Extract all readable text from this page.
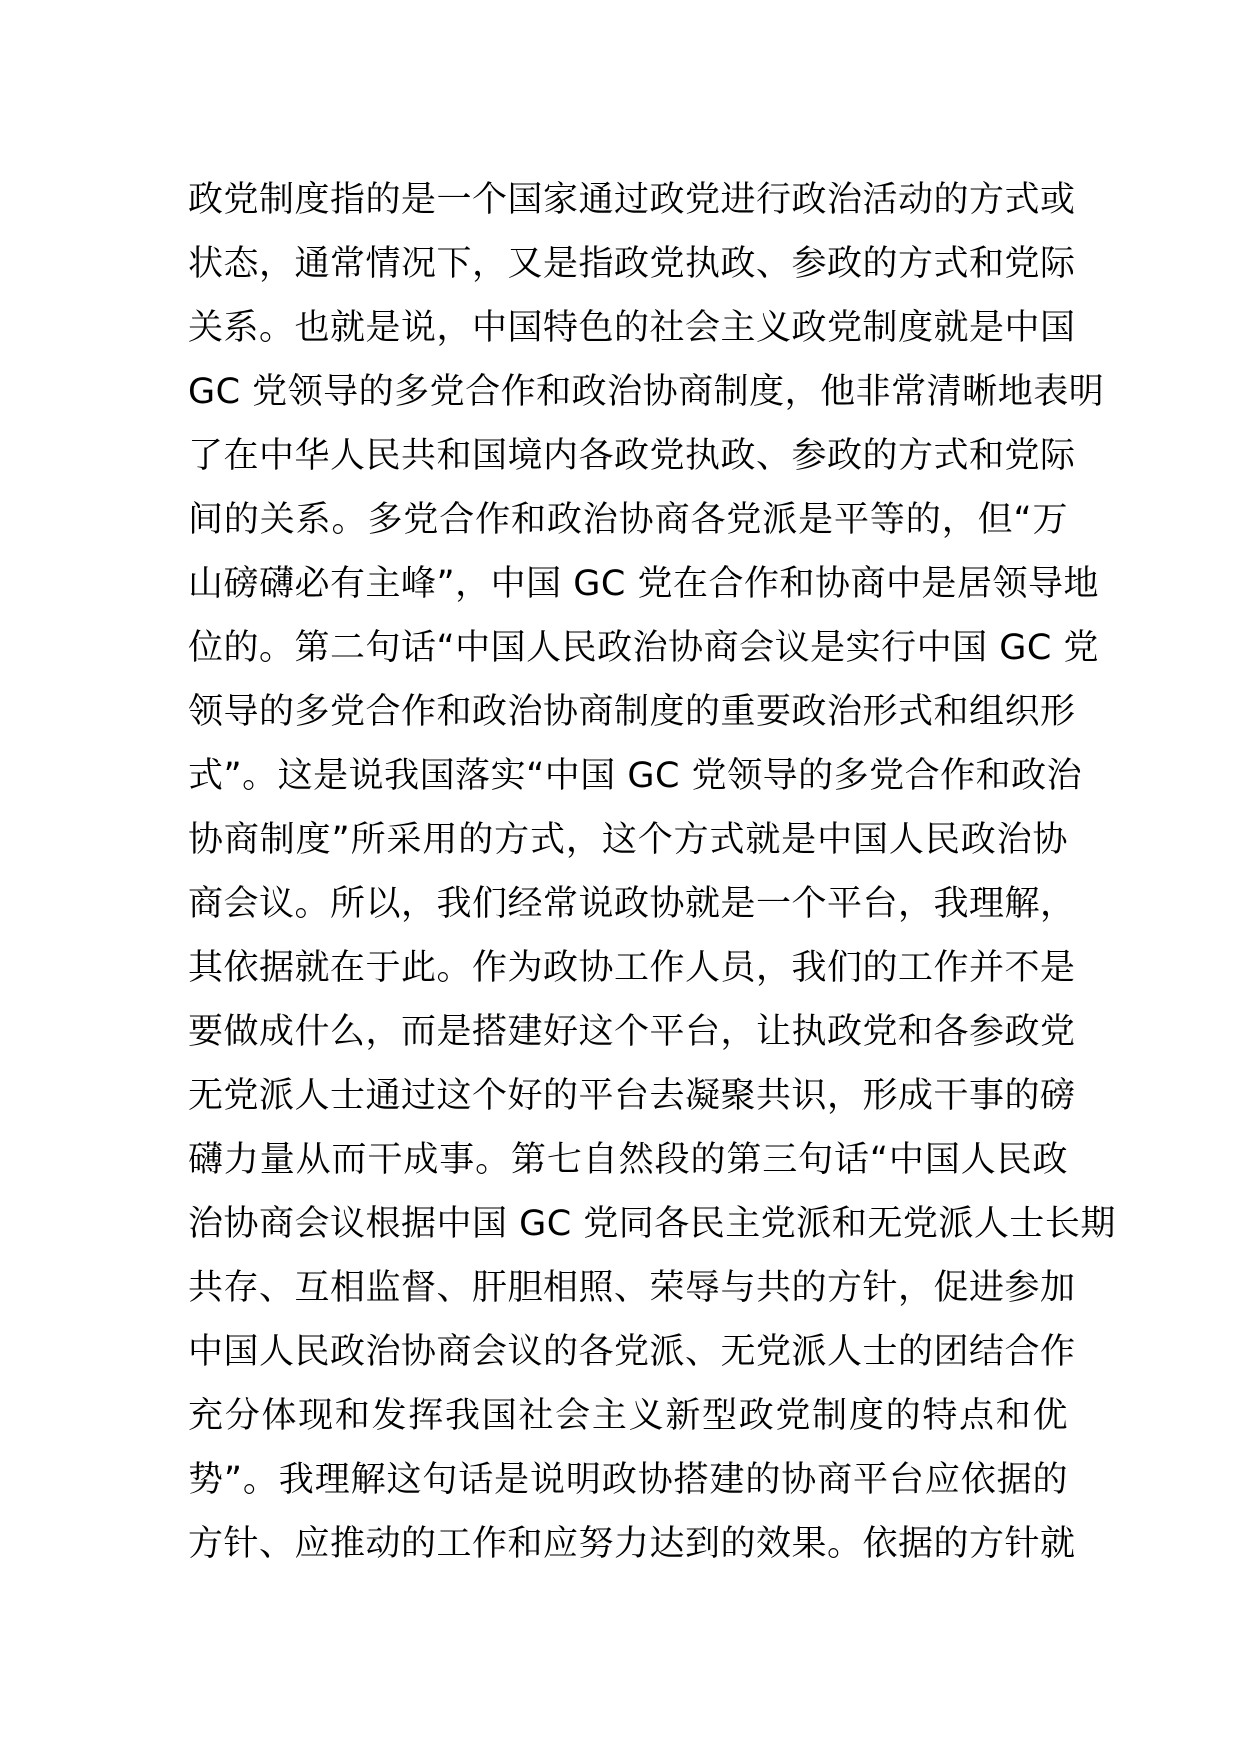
政党制度指的是一个国家通过政党进行政治活动的方式或
状态，通常情况下，又是指政党执政、参政的方式和党际
关系。也就是说，中国特色的社会主义政党制度就是中国
GC 党领导的多党合作和政治协商制度，他非常清晰地表明
了在中华人民共和国境内各政党执政、参政的方式和党际
间的关系。多党合作和政治协商各党派是平等的，但“万
山磅礴必有主峰”，中国 GC 党在合作和协商中是居领导地
位的。第二句话“中国人民政治协商会议是实行中国 GC 党
领导的多党合作和政治协商制度的重要政治形式和组织形
式”。这是说我国落实“中国 GC 党领导的多党合作和政治
协商制度”所采用的方式，这个方式就是中国人民政治协
商会议。所以，我们经常说政协就是一个平台，我理解，
其依据就在于此。作为政协工作人员，我们的工作并不是
要做成什么，而是搭建好这个平台，让执政党和各参政党
无党派人士通过这个好的平台去凝聚共识，形成干事的磅
礴力量从而干成事。第七自然段的第三句话“中国人民政
治协商会议根据中国 GC 党同各民主党派和无党派人士长期
共存、互相监督、肝胆相照、荣辱与共的方针，促进参加
中国人民政治协商会议的各党派、无党派人士的团结合作
充分体现和发挥我国社会主义新型政党制度的特点和优
势”。我理解这句话是说明政协搭建的协商平台应依据的
方针、应推动的工作和应努力达到的效果。依据的方针就
